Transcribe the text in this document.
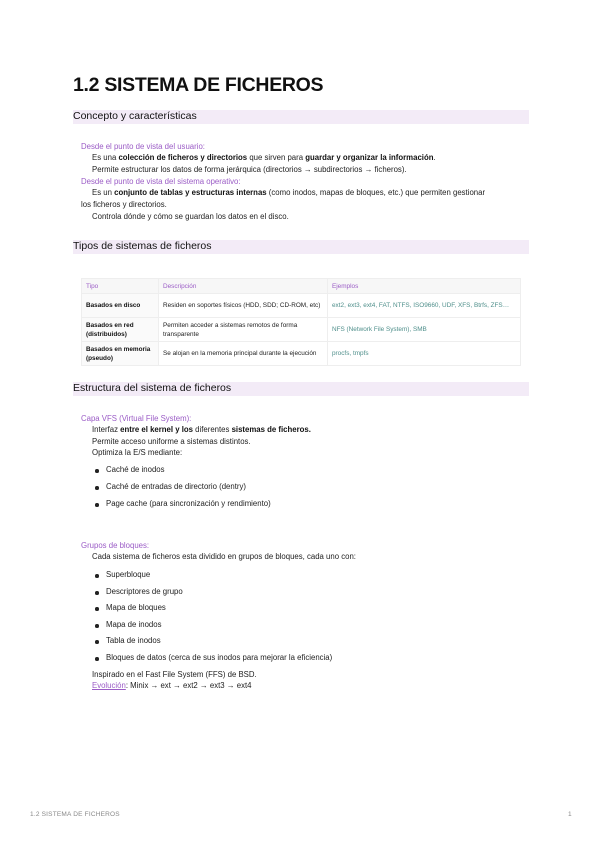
1.2 SISTEMA DE FICHEROS
Concepto y características
Desde el punto de vista del usuario:
Es una colección de ficheros y directorios que sirven para guardar y organizar la información.
Permite estructurar los datos de forma jerárquica (directorios → subdirectorios → ficheros).
Desde el punto de vista del sistema operativo:
Es un conjunto de tablas y estructuras internas (como inodos, mapas de bloques, etc.) que permiten gestionar
los ficheros y directorios.
Controla dónde y cómo se guardan los datos en el disco.
Tipos de sistemas de ficheros
Tipo	Descripción	Ejemplos
Basados en disco	Residen en soportes físicos (HDD, SDD; CD-ROM, etc)	ext2, ext3, ext4, FAT, NTFS, ISO9660, UDF, XFS, Btrfs, ZFS…
Basados en red (distribuidos)	Permiten acceder a sistemas remotos de forma transparente	NFS (Network File System), SMB
Basados en memoria (pseudo)	Se alojan en la memoria principal durante la ejecución	procfs, tmpfs
Estructura del sistema de ficheros
Capa VFS (Virtual File System):
Interfaz entre el kernel y los diferentes sistemas de ficheros.
Permite acceso uniforme a sistemas distintos.
Optimiza la E/S mediante:
Caché de inodos
Caché de entradas de directorio (dentry)
Page cache (para sincronización y rendimiento)
Grupos de bloques:
Cada sistema de ficheros esta dividido en grupos de bloques, cada uno con:
Superbloque
Descriptores de grupo
Mapa de bloques
Mapa de inodos
Tabla de inodos
Bloques de datos (cerca de sus inodos para mejorar la eficiencia)
Inspirado en el Fast File System (FFS) de BSD.
Evolución: Minix → ext → ext2 → ext3 → ext4
1.2 SISTEMA DE FICHEROS	1
